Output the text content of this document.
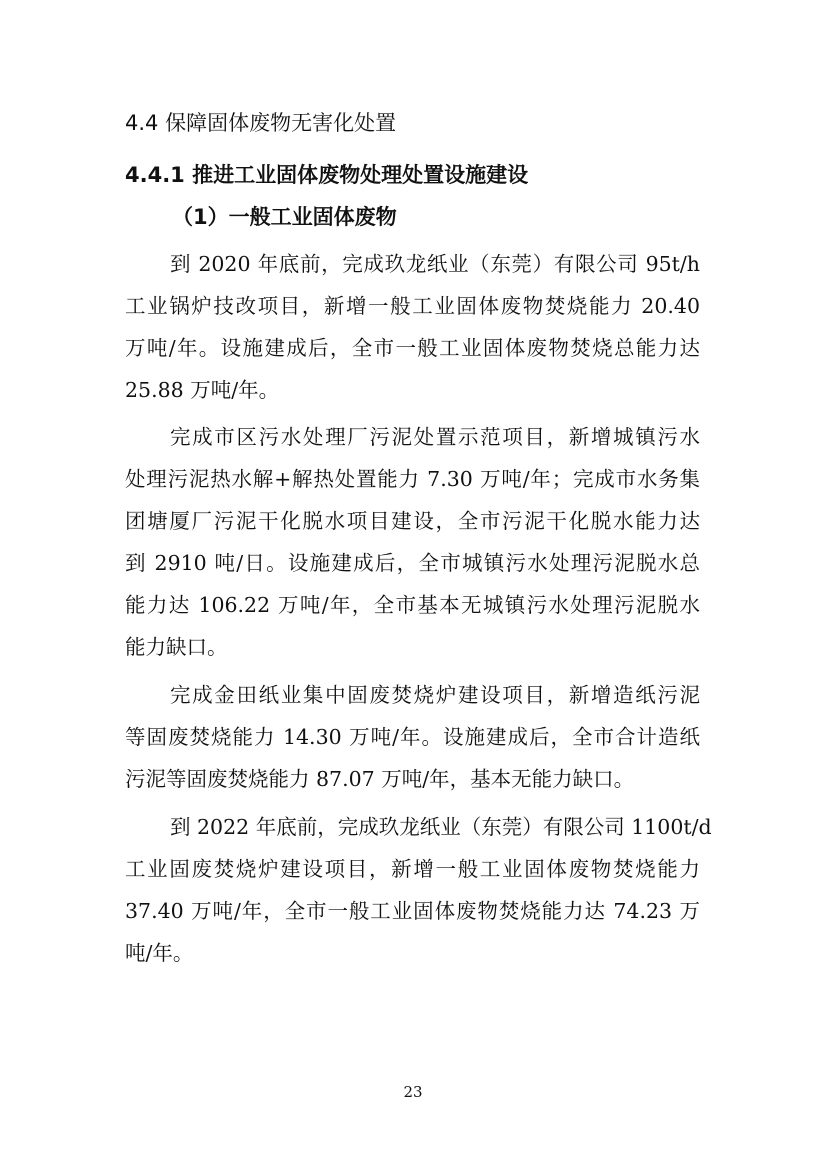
4.4 保障固体废物无害化处置
4.4.1 推进工业固体废物处理处置设施建设
（1）一般工业固体废物
到 2020 年底前，完成玖龙纸业（东莞）有限公司 95t/h
工业锅炉技改项目，新增一般工业固体废物焚烧能力 20.40
万吨/年。设施建成后，全市一般工业固体废物焚烧总能力达
25.88 万吨/年。
完成市区污水处理厂污泥处置示范项目，新增城镇污水
处理污泥热水解+解热处置能力 7.30 万吨/年；完成市水务集
团塘厦厂污泥干化脱水项目建设，全市污泥干化脱水能力达
到 2910 吨/日。设施建成后，全市城镇污水处理污泥脱水总
能力达 106.22 万吨/年，全市基本无城镇污水处理污泥脱水
能力缺口。
完成金田纸业集中固废焚烧炉建设项目，新增造纸污泥
等固废焚烧能力 14.30 万吨/年。设施建成后，全市合计造纸
污泥等固废焚烧能力 87.07 万吨/年，基本无能力缺口。
到 2022 年底前，完成玖龙纸业（东莞）有限公司 1100t/d
工业固废焚烧炉建设项目，新增一般工业固体废物焚烧能力
37.40 万吨/年，全市一般工业固体废物焚烧能力达 74.23 万
吨/年。
23
